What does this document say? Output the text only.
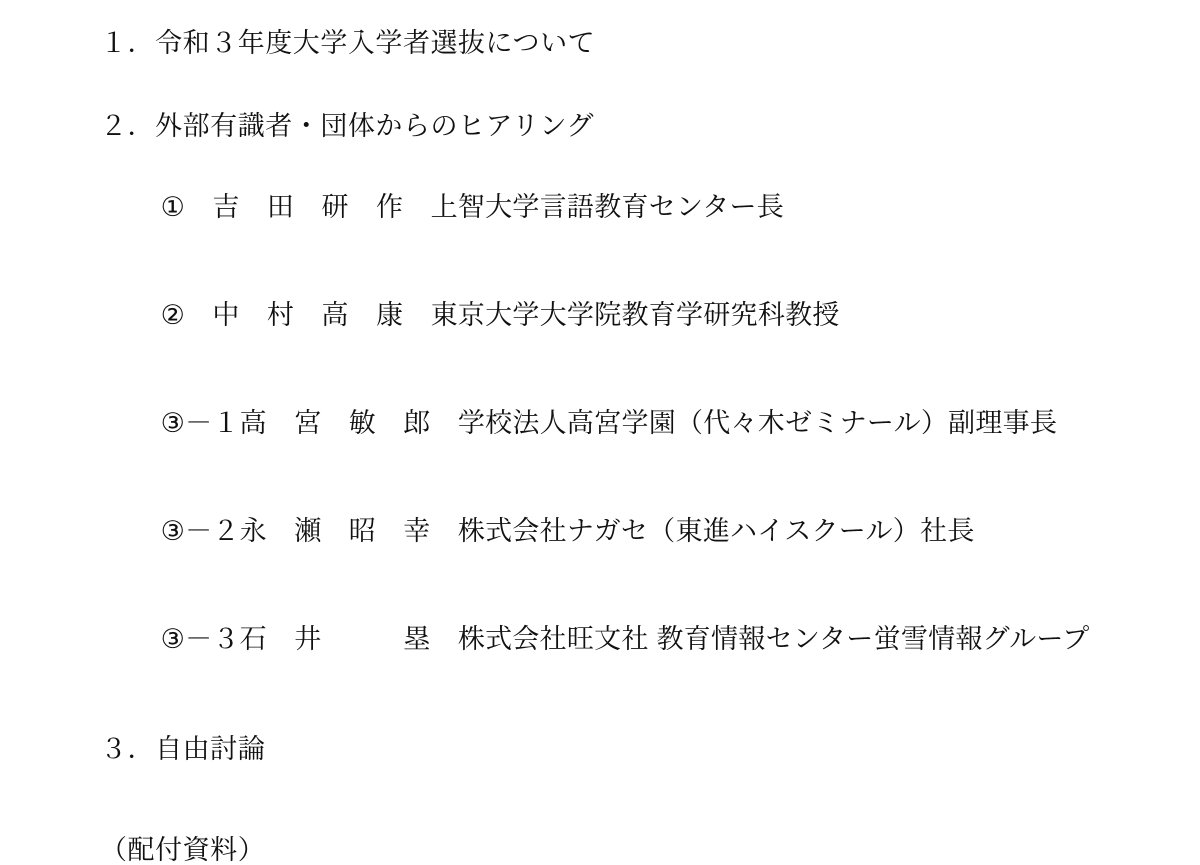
１．令和３年度大学入学者選抜について
２．外部有識者・団体からのヒアリング

①　吉　田　研　作　 上智大学言語教育センター長

②　中　村　高　康　 東京大学大学院教育学研究科教授

③－１高　宮　敏　郎　 学校法人高宮学園（代々木ゼミナール）副理事長

③－２永　瀬　昭　幸　 株式会社ナガセ（東進ハイスクール）社長

③－３石　井　　　塁　 株式会社旺文社 教育情報センター蛍雪情報グループ

３．自由討論
（配付資料）
